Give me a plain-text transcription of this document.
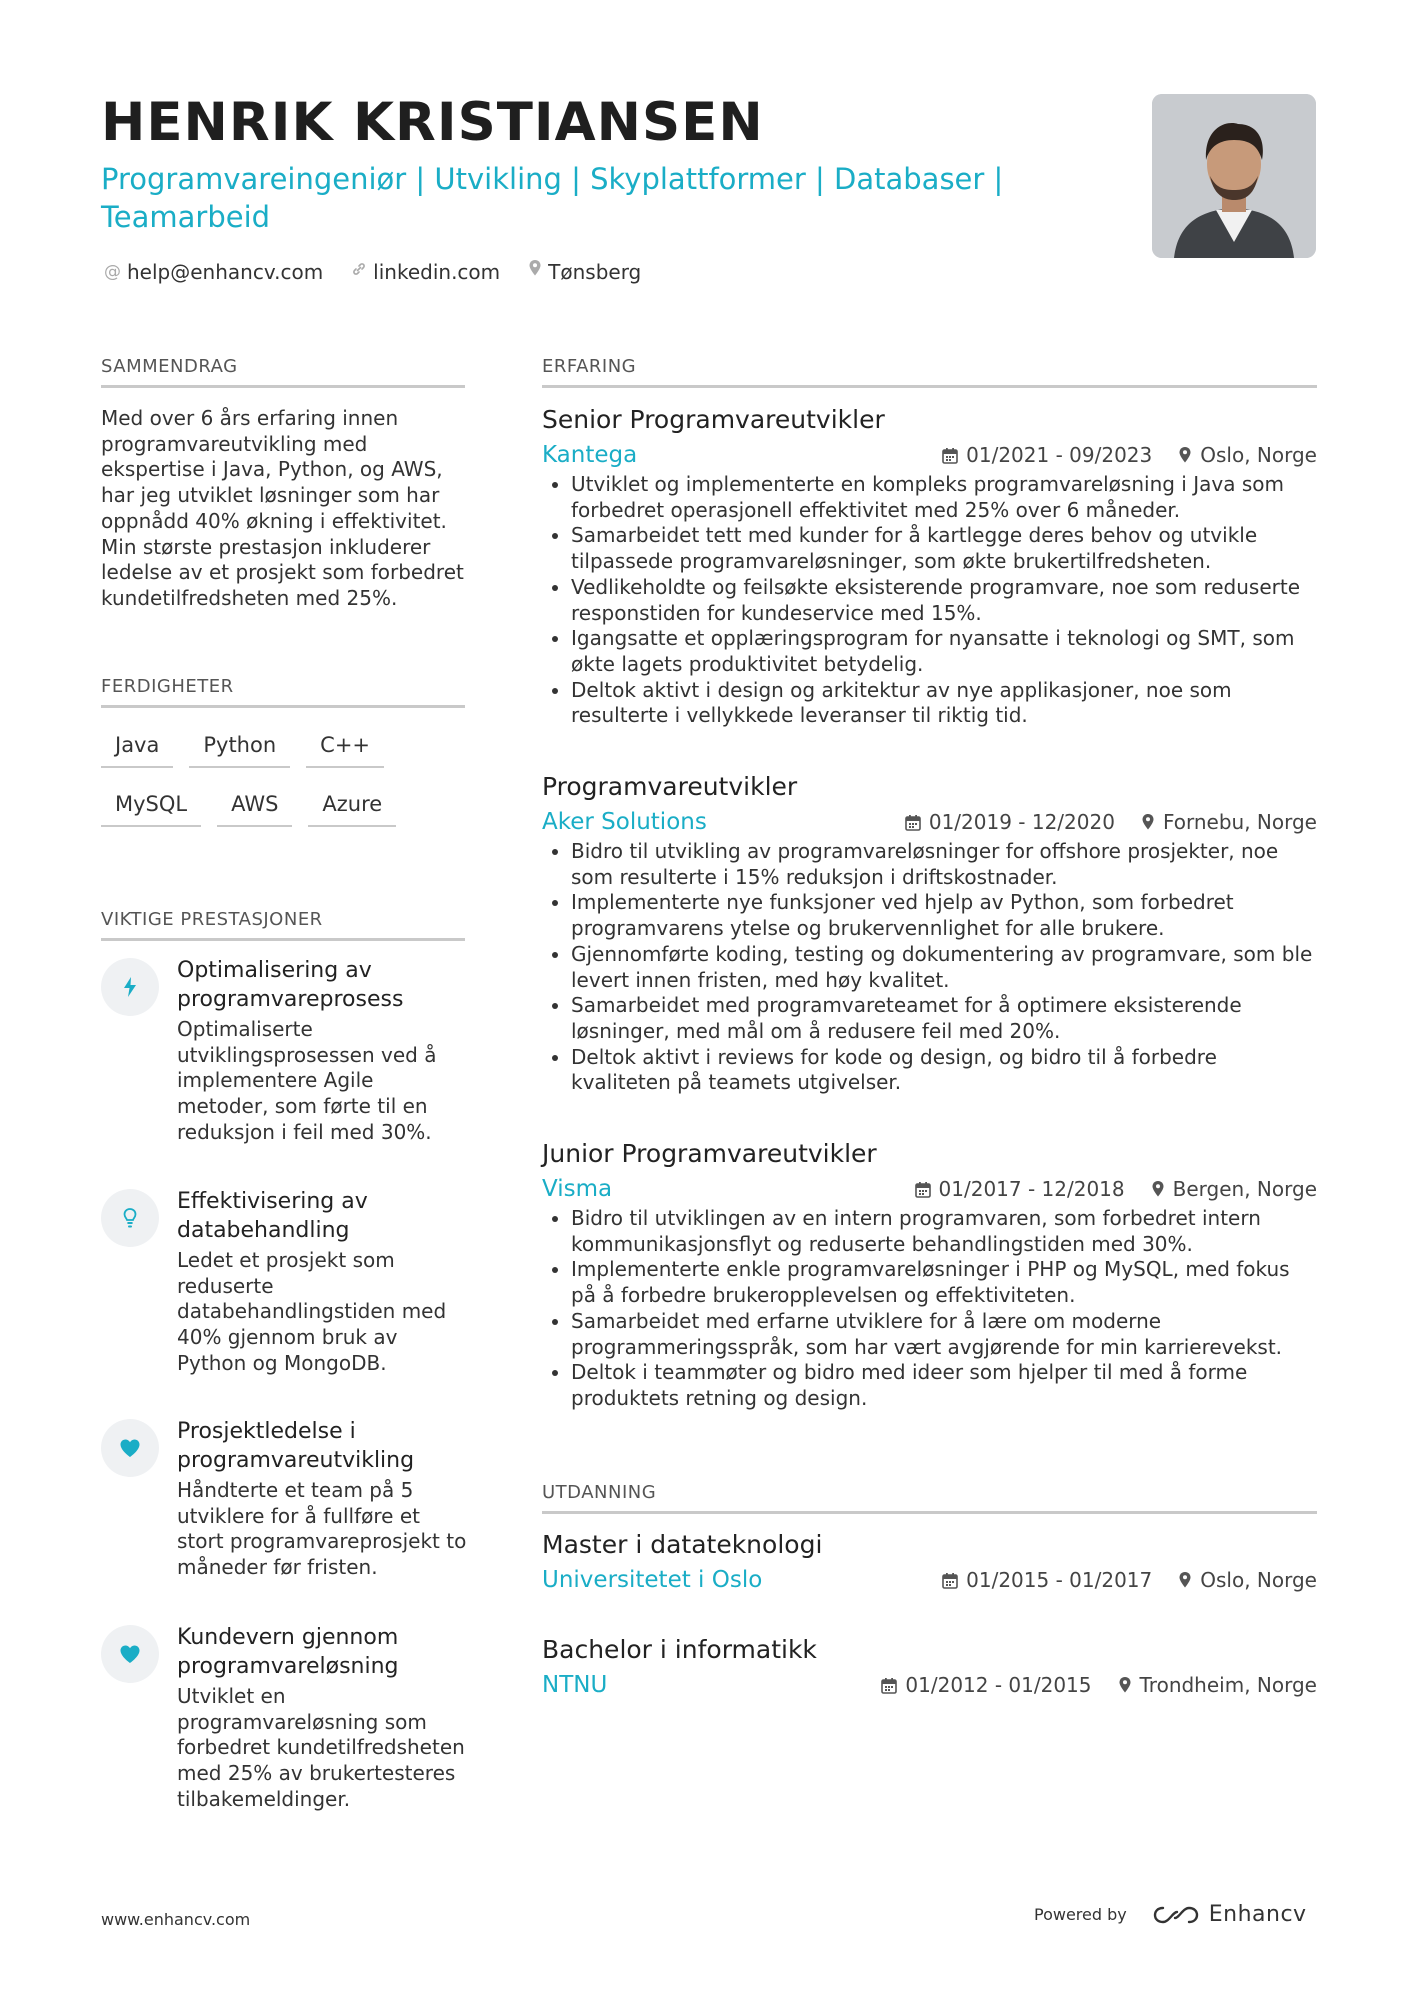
HENRIK KRISTIANSEN
Programvareingeniør | Utvikling | Skyplattformer | Databaser | Teamarbeid
@ help@enhancv.com	linkedin.com Tønsberg
SAMMENDRAG
Med over 6 års erfaring innen programvareutvikling med ekspertise i Java, Python, og AWS, har jeg utviklet løsninger som har oppnådd 40% økning i effektivitet. Min største prestasjon inkluderer ledelse av et prosjekt som forbedret kundetilfredsheten med 25%.
FERDIGHETER
Java	Python	C++
MySQL	AWS	Azure
VIKTIGE PRESTASJONER
Optimalisering av programvareprosess
Optimaliserte utviklingsprosessen ved å implementere Agile metoder, som førte til en reduksjon i feil med 30%.
Effektivisering av databehandling
Ledet et prosjekt som reduserte databehandlingstiden med 40% gjennom bruk av Python og MongoDB.
Prosjektledelse i programvareutvikling
Håndterte et team på 5 utviklere for å fullføre et stort programvareprosjekt to måneder før fristen.
Kundevern gjennom programvareløsning
Utviklet en programvareløsning som forbedret kundetilfredsheten med 25% av brukertesteres tilbakemeldinger.
ERFARING
Senior Programvareutvikler
Kantega	01/2021 - 09/2023 Oslo, Norge
• Utviklet og implementerte en kompleks programvareløsning i Java som forbedret operasjonell effektivitet med 25% over 6 måneder.
• Samarbeidet tett med kunder for å kartlegge deres behov og utvikle tilpassede programvareløsninger, som økte brukertilfredsheten.
• Vedlikeholdte og feilsøkte eksisterende programvare, noe som reduserte responstiden for kundeservice med 15%.
• Igangsatte et opplæringsprogram for nyansatte i teknologi og SMT, som økte lagets produktivitet betydelig.
• Deltok aktivt i design og arkitektur av nye applikasjoner, noe som resulterte i vellykkede leveranser til riktig tid.
Programvareutvikler
Aker Solutions	01/2019 - 12/2020 Fornebu, Norge
• Bidro til utvikling av programvareløsninger for offshore prosjekter, noe som resulterte i 15% reduksjon i driftskostnader.
• Implementerte nye funksjoner ved hjelp av Python, som forbedret programvarens ytelse og brukervennlighet for alle brukere.
• Gjennomførte koding, testing og dokumentering av programvare, som ble levert innen fristen, med høy kvalitet.
• Samarbeidet med programvareteamet for å optimere eksisterende løsninger, med mål om å redusere feil med 20%.
• Deltok aktivt i reviews for kode og design, og bidro til å forbedre kvaliteten på teamets utgivelser.
Junior Programvareutvikler
Visma	01/2017 - 12/2018 Bergen, Norge
• Bidro til utviklingen av en intern programvaren, som forbedret intern kommunikasjonsflyt og reduserte behandlingstiden med 30%.
• Implementerte enkle programvareløsninger i PHP og MySQL, med fokus på å forbedre brukeropplevelsen og effektiviteten.
• Samarbeidet med erfarne utviklere for å lære om moderne programmeringsspråk, som har vært avgjørende for min karrierevekst.
• Deltok i teammøter og bidro med ideer som hjelper til med å forme produktets retning og design.
UTDANNING
Master i datateknologi
Universitetet i Oslo	01/2015 - 01/2017 Oslo, Norge
Bachelor i informatikk
NTNU	01/2012 - 01/2015 Trondheim, Norge
www.enhancv.com	Powered by	Enhancv
